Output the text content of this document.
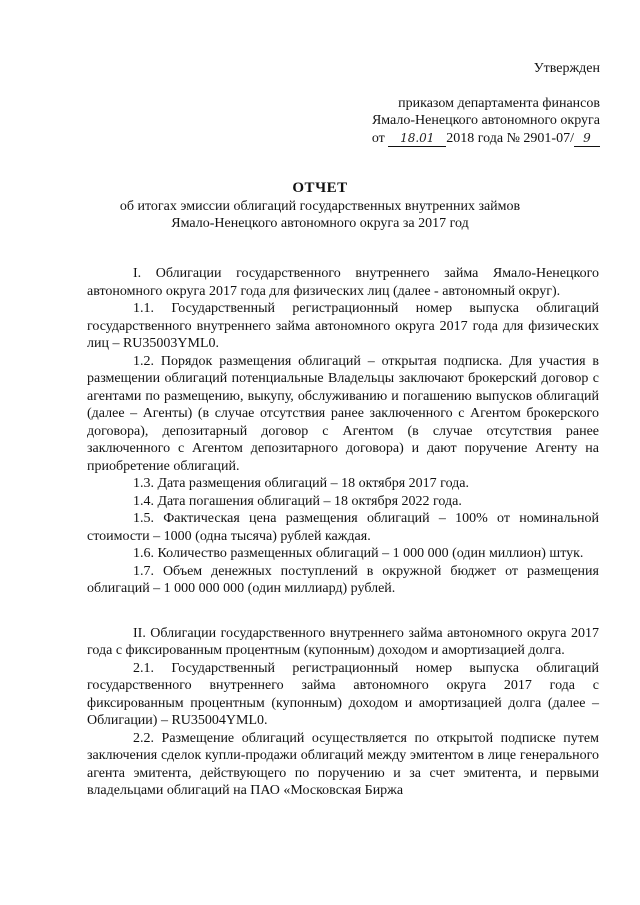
Утвержден
приказом департамента финансов
Ямало-Ненецкого автономного округа
от 18.01 2018 года № 2901-07/ 9
ОТЧЕТ
об итогах эмиссии облигаций государственных внутренних займов
Ямало-Ненецкого автономного округа за 2017 год

I. Облигации государственного внутреннего займа Ямало-Ненецкого автономного округа 2017 года для физических лиц (далее - автономный округ).

1.1. Государственный регистрационный номер выпуска облигаций государственного внутреннего займа автономного округа 2017 года для физических лиц – RU35003YML0.

1.2. Порядок размещения облигаций – открытая подписка. Для участия в размещении облигаций потенциальные Владельцы заключают брокерский договор с агентами по размещению, выкупу, обслуживанию и погашению выпусков облигаций (далее – Агенты) (в случае отсутствия ранее заключенного с Агентом брокерского договора), депозитарный договор с Агентом (в случае отсутствия ранее заключенного с Агентом депозитарного договора) и дают поручение Агенту на приобретение облигаций.

1.3. Дата размещения облигаций – 18 октября 2017 года.

1.4. Дата погашения облигаций – 18 октября 2022 года.

1.5. Фактическая цена размещения облигаций – 100% от номинальной стоимости – 1000 (одна тысяча) рублей каждая.

1.6. Количество размещенных облигаций – 1 000 000 (один миллион) штук.

1.7. Объем денежных поступлений в окружной бюджет от размещения облигаций – 1 000 000 000 (один миллиард) рублей.

II. Облигации государственного внутреннего займа автономного округа 2017 года с фиксированным процентным (купонным) доходом и амортизацией долга.

2.1. Государственный регистрационный номер выпуска облигаций государственного внутреннего займа автономного округа 2017 года с фиксированным процентным (купонным) доходом и амортизацией долга (далее – Облигации) – RU35004YML0.

2.2. Размещение облигаций осуществляется по открытой подписке путем заключения сделок купли-продажи облигаций между эмитентом в лице генерального агента эмитента, действующего по поручению и за счет эмитента, и первыми владельцами облигаций на ПАО «Московская Биржа
